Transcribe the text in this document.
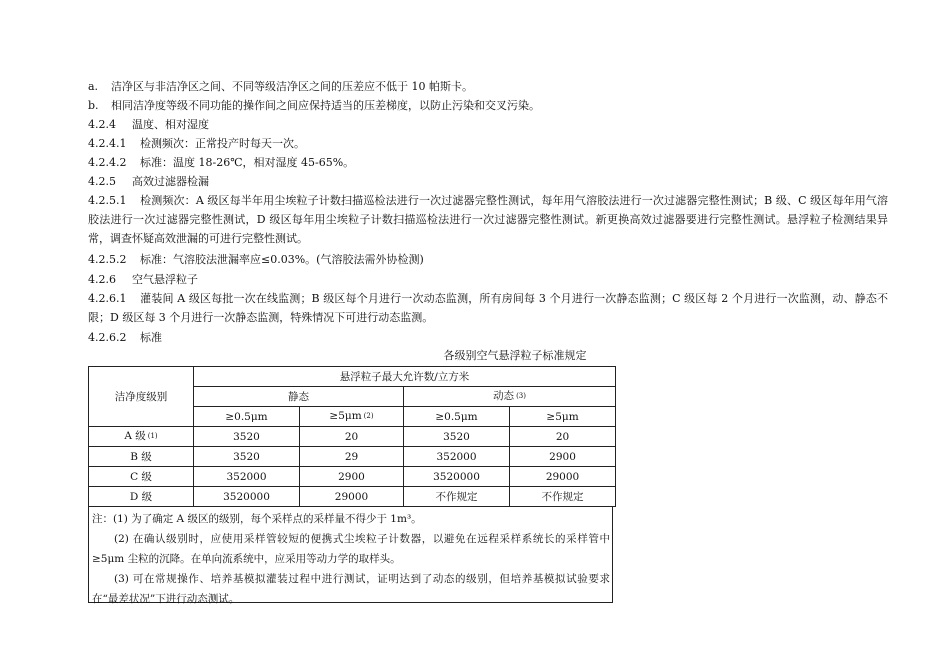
a. 洁净区与非洁净区之间、不同等级洁净区之间的压差应不低于 10 帕斯卡。
b. 相同洁净度等级不同功能的操作间之间应保持适当的压差梯度，以防止污染和交叉污染。
4.2.4 温度、相对湿度
4.2.4.1 检测频次：正常投产时每天一次。
4.2.4.2 标准：温度 18-26℃，相对湿度 45-65%。
4.2.5 高效过滤器检漏
4.2.5.1 检测频次：A 级区每半年用尘埃粒子计数扫描巡检法进行一次过滤器完整性测试，每年用气溶胶法进行一次过滤器完整性测试；B 级、C 级区每年用气溶胶法进行一次过滤器完整性测试，D 级区每年用尘埃粒子计数扫描巡检法进行一次过滤器完整性测试。新更换高效过滤器要进行完整性测试。悬浮粒子检测结果异常，调查怀疑高效泄漏的可进行完整性测试。
4.2.5.2 标准：气溶胶法泄漏率应≤0.03%。(气溶胶法需外协检测)
4.2.6 空气悬浮粒子
4.2.6.1 灌装间 A 级区每批一次在线监测；B 级区每个月进行一次动态监测，所有房间每 3 个月进行一次静态监测；C 级区每 2 个月进行一次监测，动、静态不限；D 级区每 3 个月进行一次静态监测，特殊情况下可进行动态监测。
4.2.6.2 标准
各级别空气悬浮粒子标准规定
洁净度级别	悬浮粒子最大允许数/立方米			
	静态		动态 $^{(3)}$
	≥0.5μm	≥5μm $^{(2)}$	≥0.5μm	≥5μm
A 级 $^{(1)}$	3520	20	3520	20
B 级	3520	29	352000	2900
C 级	352000	2900	3520000	29000
D 级	3520000	29000	不作规定	不作规定

注：(1) 为了确定 A 级区的级别，每个采样点的采样量不得少于 1m³。

(2) 在确认级别时，应使用采样管较短的便携式尘埃粒子计数器，以避免在远程采样系统长的采样管中≥5μm 尘粒的沉降。在单向流系统中，应采用等动力学的取样头。

(3) 可在常规操作、培养基模拟灌装过程中进行测试，证明达到了动态的级别，但培养基模拟试验要求在“最差状况”下进行动态测试。
